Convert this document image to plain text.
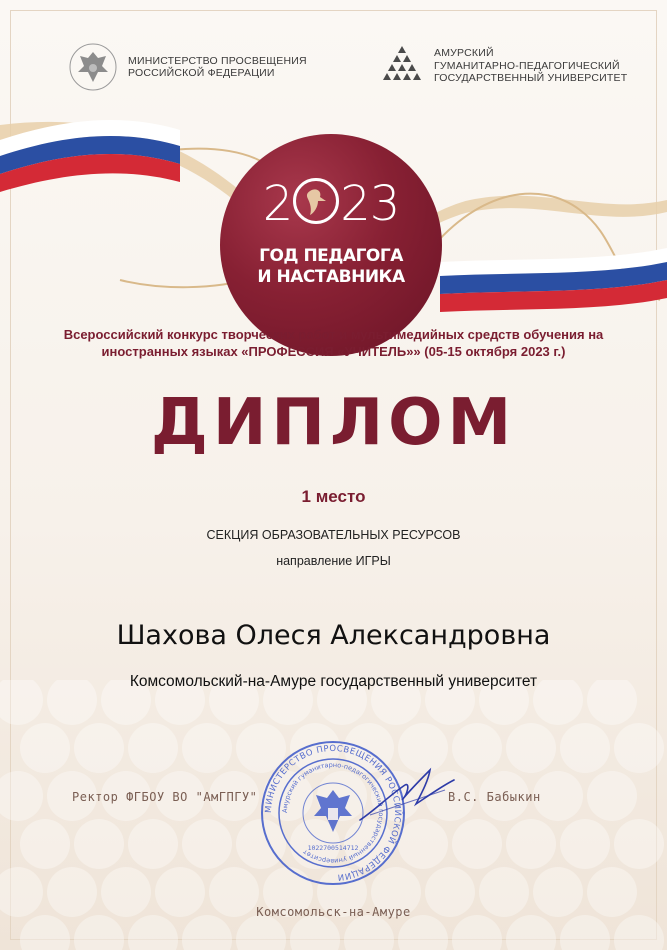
МИНИСТЕРСТВО ПРОСВЕЩЕНИЯ
РОССИЙСКОЙ ФЕДЕРАЦИИ
АМУРСКИЙ
ГУМАНИТАРНО-ПЕДАГОГИЧЕСКИЙ
ГОСУДАРСТВЕННЫЙ УНИВЕРСИТЕТ
2 23
ГОД ПЕДАГОГА
И НАСТАВНИКА
Всероссийский конкурс творческих работ и мультимедийных средств обучения на
иностранных языках «ПРОФЕССИЯ «УЧИТЕЛЬ»» (05-15 октября 2023 г.)
ДИПЛОМ
1 место
СЕКЦИЯ ОБРАЗОВАТЕЛЬНЫХ РЕСУРСОВ
направление ИГРЫ
Шахова Олеся Александровна
Комсомольский-на-Амуре государственный университет
МИНИСТЕРСТВО ПРОСВЕЩЕНИЯ РОССИЙСКОЙ ФЕДЕРАЦИИ
Амурский гуманитарно-педагогический государственный университет
1022700514712
Ректор ФГБОУ ВО "АмГПГУ"	В.С. Бабыкин
Комсомольск-на-Амуре
